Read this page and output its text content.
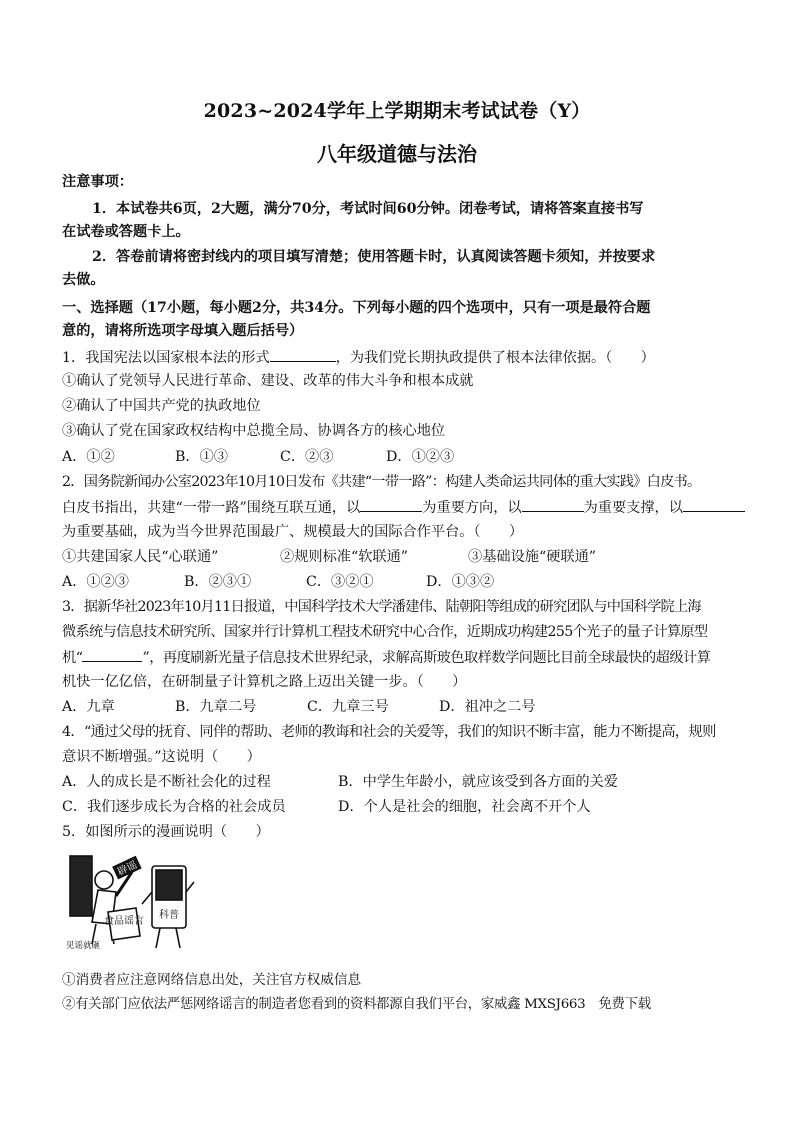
2023~2024学年上学期期末考试试卷（Y）
八年级道德与法治
注意事项：
1．本试卷共6页，2大题，满分70分，考试时间60分钟。闭卷考试，请将答案直接书写
在试卷或答题卡上。
2．答卷前请将密封线内的项目填写清楚；使用答题卡时，认真阅读答题卡须知，并按要求
去做。
一、选择题（17小题，每小题2分，共34分。下列每小题的四个选项中，只有一项是最符合题
意的，请将所选项字母填入题后括号）
1．我国宪法以国家根本法的形式	，为我们党长期执政提供了根本法律依据。（　　）
①确认了党领导人民进行革命、建设、改革的伟大斗争和根本成就
②确认了中国共产党的执政地位
③确认了党在国家政权结构中总揽全局、协调各方的核心地位
A．①②	B．①③	C．②③	D．①②③
2．国务院新闻办公室2023年10月10日发布《共建“一带一路”：构建人类命运共同体的重大实践》白皮书。
白皮书指出，共建“一带一路”围绕互联互通，以	为重要方向，以	为重要支撑，以
为重要基础，成为当今世界范围最广、规模最大的国际合作平台。（　　）
①共建国家人民“心联通”	②规则标准“软联通”	③基础设施“硬联通”
A．①②③	B．②③①	C．③②①	D．①③②
3．据新华社2023年10月11日报道，中国科学技术大学潘建伟、陆朝阳等组成的研究团队与中国科学院上海
微系统与信息技术研究所、国家并行计算机工程技术研究中心合作，近期成功构建255个光子的量子计算原型
机“	”，再度刷新光量子信息技术世界纪录，求解高斯玻色取样数学问题比目前全球最快的超级计算
机快一亿亿倍，在研制量子计算机之路上迈出关键一步。（　　）
A．九章	B．九章二号	C．九章三号	D．祖冲之二号
4．“通过父母的抚育、同伴的帮助、老师的教诲和社会的关爱等，我们的知识不断丰富，能力不断提高，规则
意识不断增强。”这说明（　　）
A．人的成长是不断社会化的过程	B．中学生年龄小，就应该受到各方面的关爱
C．我们逐步成长为合格的社会成员	D．个人是社会的细胞，社会离不开个人
5．如图所示的漫画说明（　　）
辟谣
食品谣言
科普
见谣就砸
①消费者应注意网络信息出处，关注官方权威信息
②有关部门应依法严惩网络谣言的制造者您看到的资料都源自我们平台，家威鑫 MXSJ663　免费下载
